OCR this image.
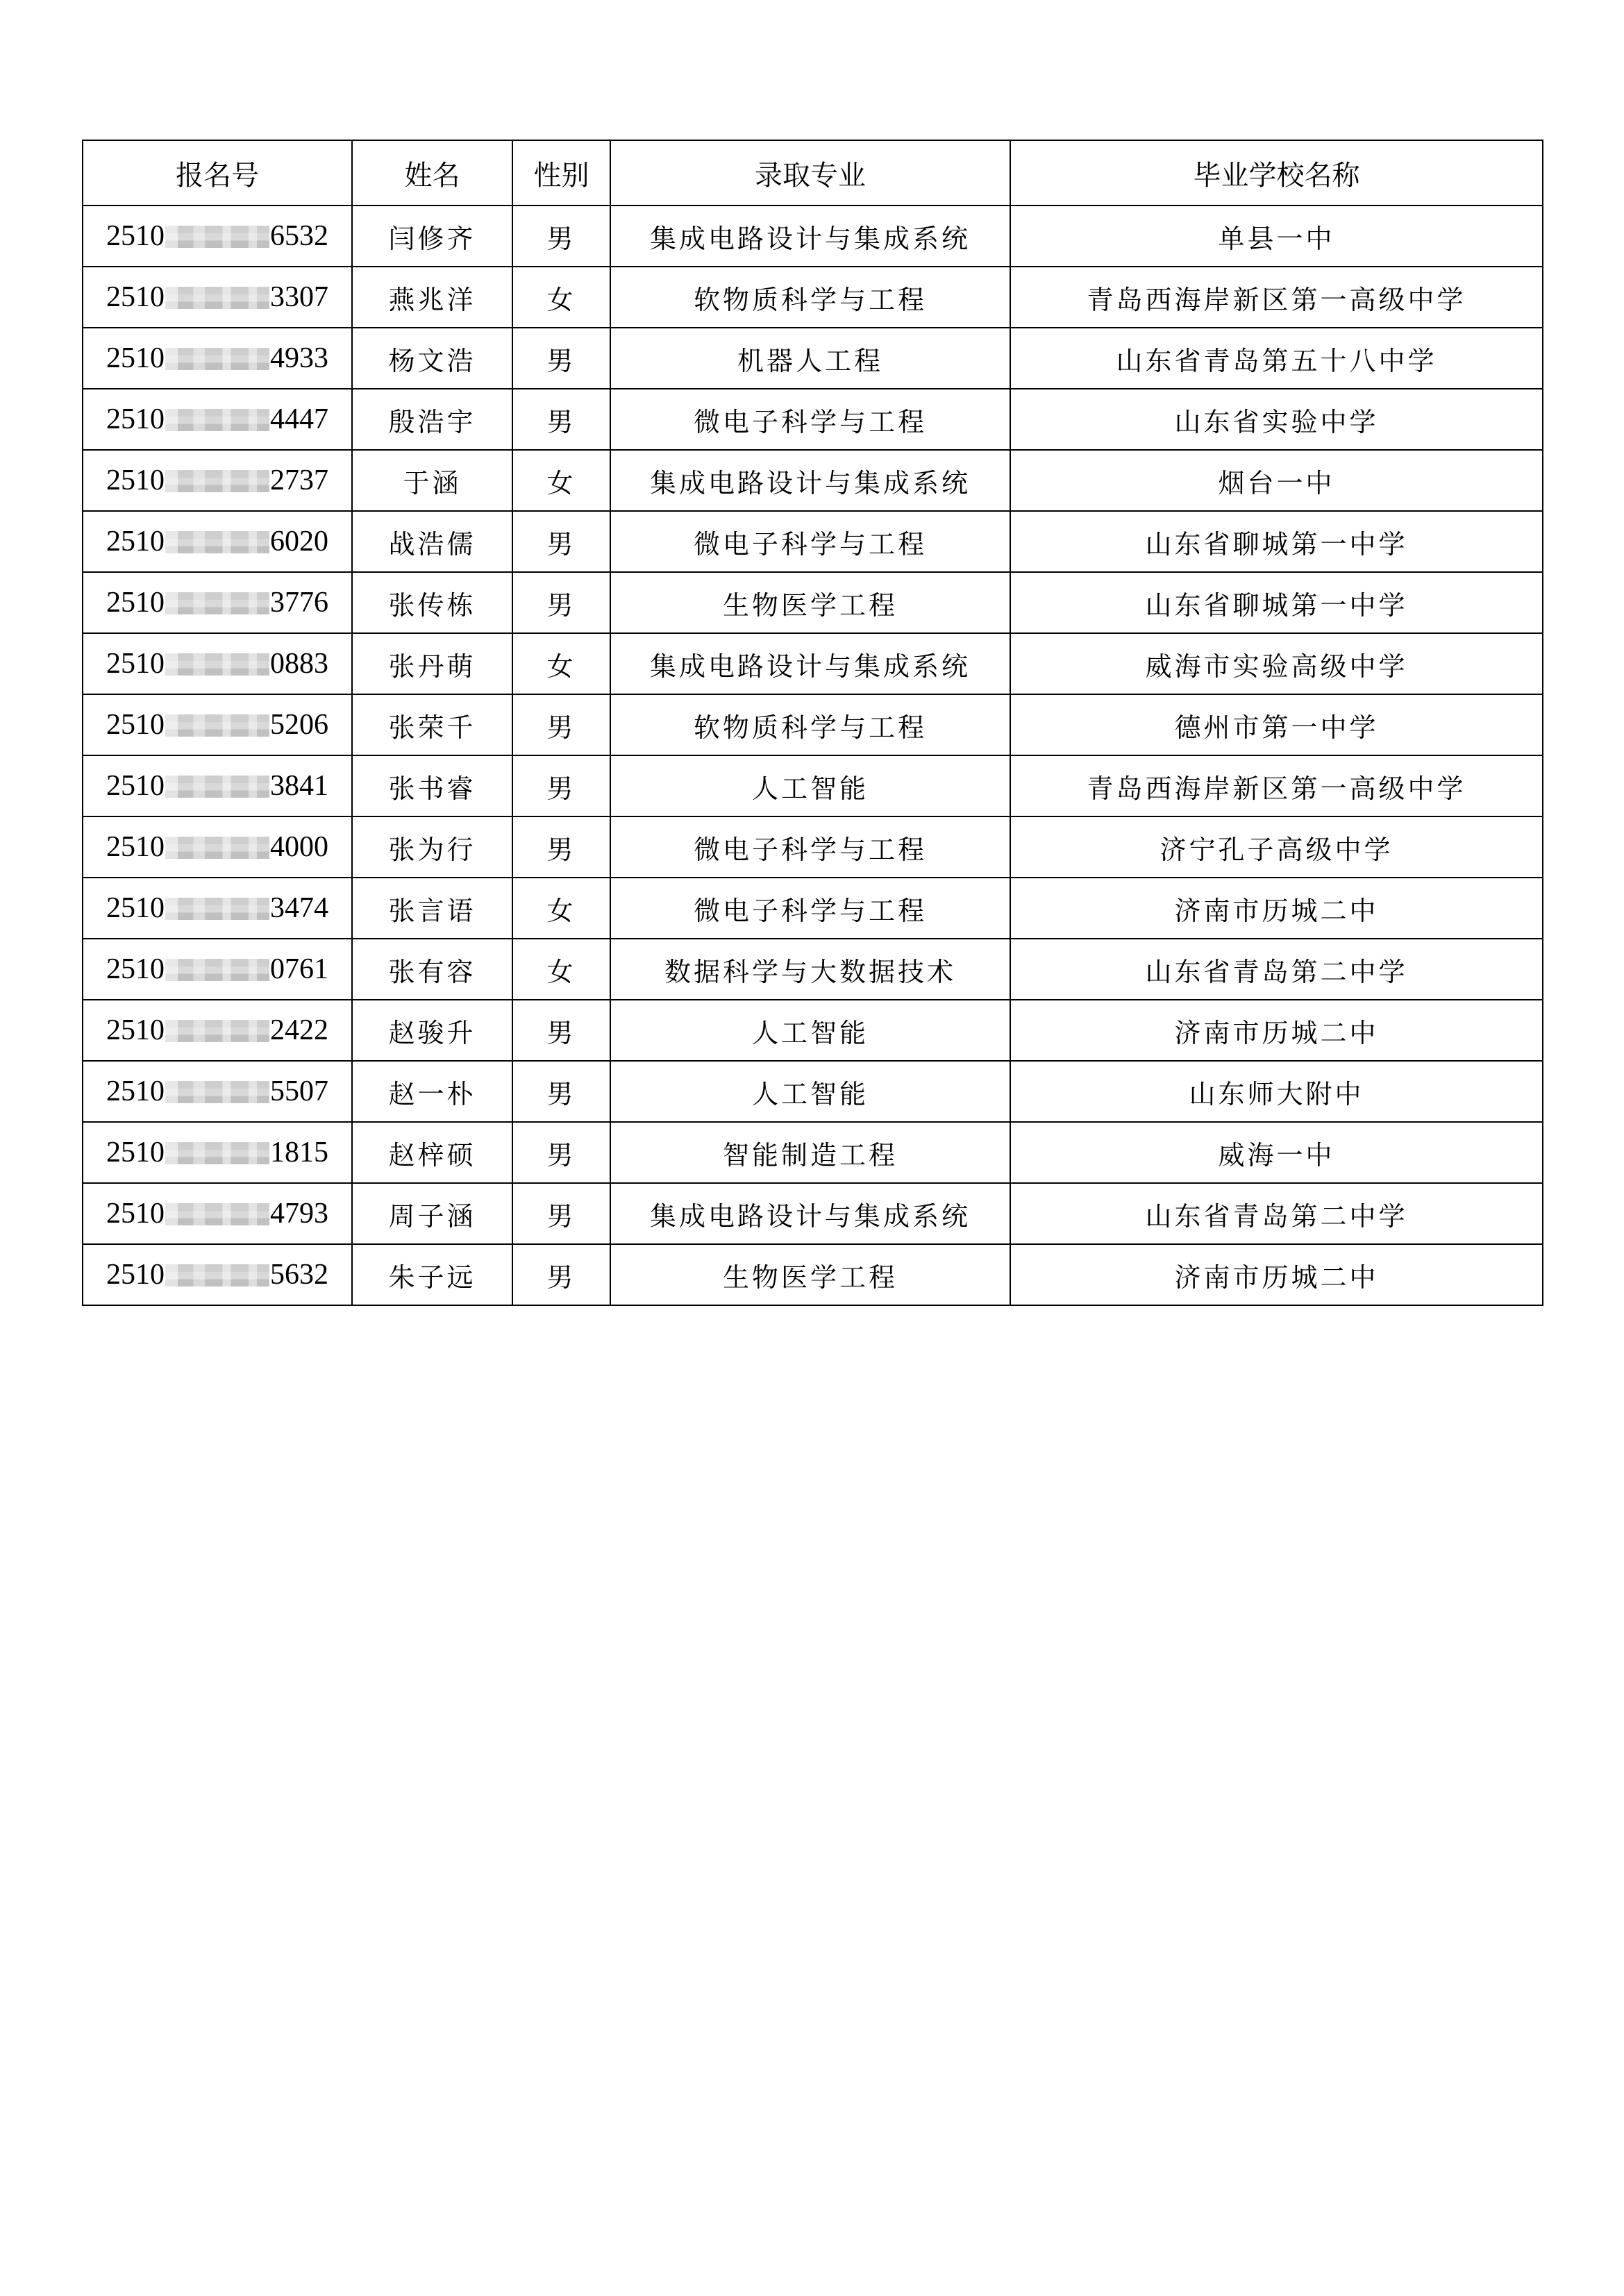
报名号	姓名	性别	录取专业	毕业学校名称
2510 6532	闫修齐	男	集成电路设计与集成系统	单县一中
2510 3307	燕兆洋	女	软物质科学与工程	青岛西海岸新区第一高级中学
2510 4933	杨文浩	男	机器人工程	山东省青岛第五十八中学
2510 4447	殷浩宇	男	微电子科学与工程	山东省实验中学
2510 2737	于涵	女	集成电路设计与集成系统	烟台一中
2510 6020	战浩儒	男	微电子科学与工程	山东省聊城第一中学
2510 3776	张传栋	男	生物医学工程	山东省聊城第一中学
2510 0883	张丹萌	女	集成电路设计与集成系统	威海市实验高级中学
2510 5206	张荣千	男	软物质科学与工程	德州市第一中学
2510 3841	张书睿	男	人工智能	青岛西海岸新区第一高级中学
2510 4000	张为行	男	微电子科学与工程	济宁孔子高级中学
2510 3474	张言语	女	微电子科学与工程	济南市历城二中
2510 0761	张有容	女	数据科学与大数据技术	山东省青岛第二中学
2510 2422	赵骏升	男	人工智能	济南市历城二中
2510 5507	赵一朴	男	人工智能	山东师大附中
2510 1815	赵梓硕	男	智能制造工程	威海一中
2510 4793	周子涵	男	集成电路设计与集成系统	山东省青岛第二中学
2510 5632	朱子远	男	生物医学工程	济南市历城二中
